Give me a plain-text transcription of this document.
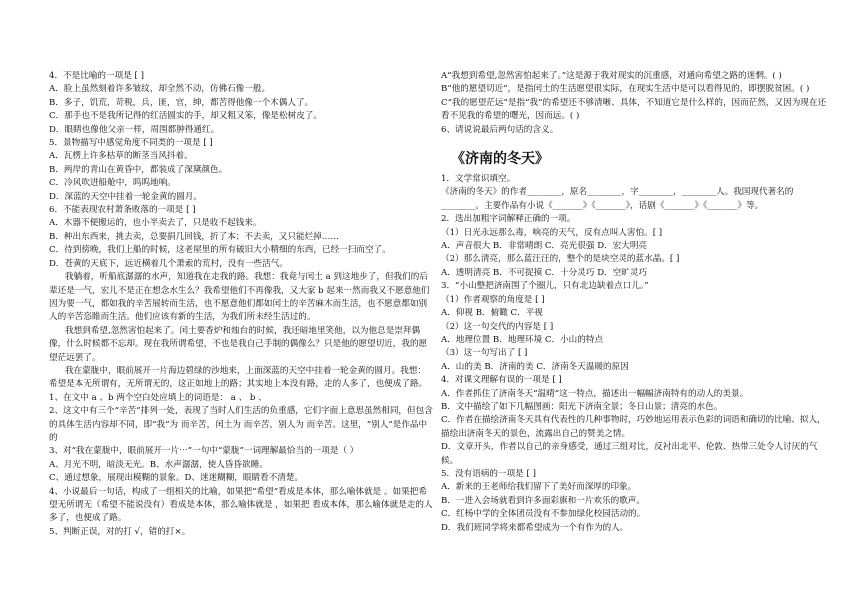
4．不是比喻的一项是 [ ]
A．脸上虽然刻着许多皱纹，却全然不动，仿佛石像一般。
B．多子，饥荒，苛税，兵，匪，官，绅，都苦得他像一个木偶人了。
C．那手也不是我所记得的红活圆实的手，却又粗又笨，像是松树皮了。
D．眼睛也像他父亲一样，周围都肿得通红。
5．景物描写中感觉角度不同类的一项是 [ ]
A．瓦楞上许多枯草的断茎当风抖着。
B．两岸的青山在黄昏中，都装成了深黛颜色。
C．冷风吹进船舱中，呜呜地响。
D．深蓝的天空中挂着一轮金黄的圆月。
6．不能表现农村萧条败落的一项是 [ ]
A．木器不便搬运的，也小半卖去了，只是收不起钱来。
B．种出东西来，挑去卖，总要捐几回钱，折了本；不去卖，又只能烂掉……
C．待到傍晚，我们上船的时候，这老屋里的所有破旧大小精细的东西，已经一扫而空了。
D．苍黄的天底下，远近横着几个萧索的荒村，没有一些活气。
我躺着，听船底潺潺的水声，知道我在走我的路。我想：我竟与闰土 a 到这地步了，但我们的后辈还是一气，宏儿不是正在想念水生么？我希望他们不再像我，又大家 b 起来⋯然而我又不愿意他们因为要一气，都如我的辛苦展转而生活，也不愿意他们都如闰土的辛苦麻木而生活，也不愿意都如别人的辛苦恣睢而生活。他们应该有新的生活，为我们所未经生活过的。
我想到希望,忽然害怕起来了。闰土要香炉和烛台的时候，我还暗地里笑他，以为他总是崇拜偶像，什么时候都不忘却。现在我所谓希望，不也是我自己手制的偶像么？只是他的愿望切近，我的愿望茫远罢了。
我在蒙胧中，眼前展开一片海边碧绿的沙地来，上面深蓝的天空中挂着一轮金黄的圆月。我想：希望是本无所谓有，无所谓无的，这正如地上的路；其实地上本没有路，走的人多了，也便成了路。
1、在文中 a 、b 两个空白处应填上的词语是： a 、 b 、
2、这文中有三个“辛苦”排列一处，表现了当时人们生活的负重感，它们字面上意思虽然相同，但包含的具体生活内容却不同，即“我”为 而辛苦，闰土为 而辛苦，别人为 而辛苦。这里，“别人”是作品中的
3、对“我在蒙胧中，眼前展开一片⋯”一句中“蒙胧”一词理解最恰当的一项是（ ）
A、月光不明，暗淡无光。B、水声潺潺，使人昏昏欲睡。
C、通过想象，展现出模糊的景象。D、迷迷糊糊，眼睛看不清楚。
4、小说最后一句话，构成了一组相关的比喻，如果把“希望”看成是本体，那么喻体就是 。如果把希望无所谓无（希望不能说没有）看成是本体，那么喻体就是 ，如果把 看成本体，那么喻体就是走的人多了，也便成了路。
5、判断正误，对的打 √，错的打×。
A“我想到希望,忽然害怕起来了。”这是源于我对现实的沉重感，对通向希望之路的迷惘。( )
B“他的愿望切近”，是指闰土的生活愿望很实际，在现实生活中是可以看得见的，即摆脱贫困。( )
C“我的愿望茫远”是指“我”的希望还不够清晰、具体，不知道它是什么样的，因而茫然，又因为现在还看不见我的希望的曙光，因而远。( )
6、请说说最后两句话的含义。
《济南的冬天》
1．文学常识填空。
《济南的冬天》的作者________，原名________，字________，________人。我国现代著名的________。主要作品有小说《_______》《_______》，话剧《_______》《_______》等。
2．选出加粗字词解释正确的一项。
（1）日光永远那么毒，响亮的天气，反有点叫人害怕。[ ]
A．声音很大 B．非常晴朗 C．亮光很强 D．宏大明亮
（2）那么清亮，那么蓝汪汪的，整个的是块空灵的蓝水晶。[ ]
A．透明清亮 B．不可捉摸 C．十分灵巧 D．空旷灵巧
3．“小山整把济南围了个圈儿，只有北边缺着点口儿。”
（1）作者观察的角度是 [ ]
A．仰视 B．俯瞰 C．平视
（2）这一句交代的内容是 [ ]
A．地理位置 B．地理环境 C．小山的特点
（3）这一句写出了 [ ]
A．山的美 B．济南的美 C．济南冬天温暖的原因
4．对课文理解有误的一项是 [ ]
A．作者抓住了济南冬天“温晴”这一特点，描述出一幅幅济南特有的动人的美景。
B．文中描绘了如下几幅图画：阳光下济南全景；冬日山景；清亮的水色。
C．作者在描绘济南冬天具有代表性的几种事物时，巧妙地运用表示色彩的词语和确切的比喻、拟人，描绘出济南冬天的景色，流露出自己的赞美之情。
D．文章开头，作者以自己的亲身感受，通过三组对比，反衬出北平、伦敦、热带三处令人讨厌的气候。
5．没有语病的一项是 [ ]
A．新来的王老师给我们留下了美好而深厚的印象。
B．一进入会场就看到许多面彩旗和一片欢乐的歌声。
C．红杨中学的全体团员没有不参加绿化校园活动的。
D．我们班同学将来都希望成为一个有作为的人。
